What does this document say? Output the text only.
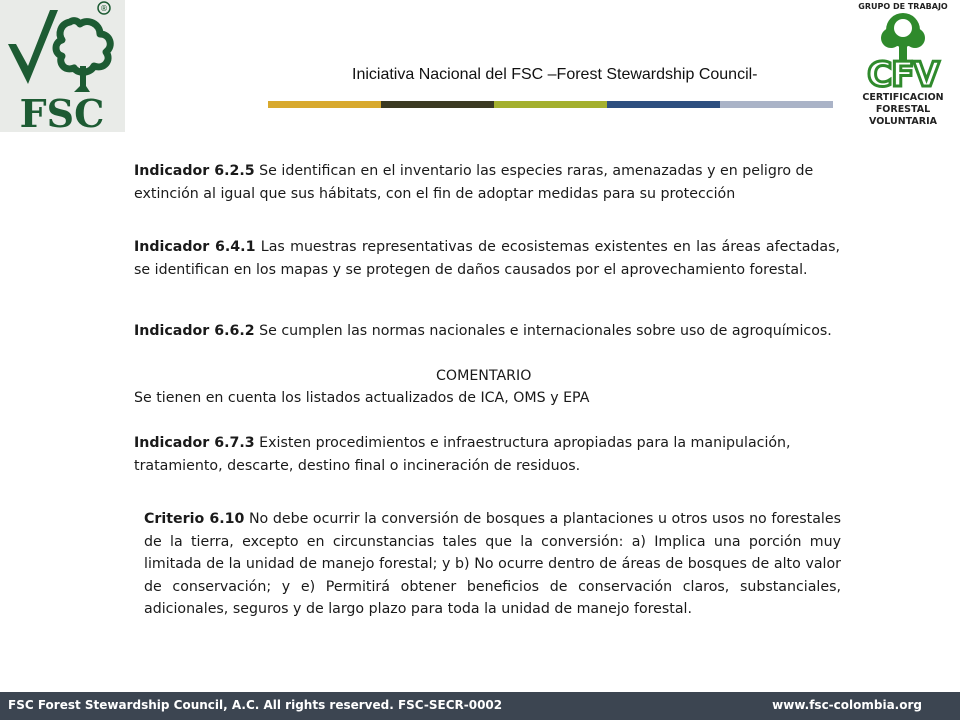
®
FSC
GRUPO DE TRABAJO
CFV
CERTIFICACION
FORESTAL
VOLUNTARIA
Iniciativa Nacional del FSC –Forest Stewardship Council-
Indicador 6.2.5 Se identifican en el inventario las especies raras, amenazadas y en peligro de extinción al igual que sus hábitats, con el fin de adoptar medidas para su protección
Indicador 6.4.1 Las muestras representativas de ecosistemas existentes en las áreas afectadas, se identifican en los mapas y se protegen de daños causados por el aprovechamiento forestal.
Indicador 6.6.2 Se cumplen las normas nacionales e internacionales sobre uso de agroquímicos.
COMENTARIO
Se tienen en cuenta los listados actualizados de ICA, OMS y EPA
Indicador 6.7.3 Existen procedimientos e infraestructura apropiadas para la manipulación, tratamiento, descarte, destino final o incineración de residuos.
Criterio 6.10 No debe ocurrir la conversión de bosques a plantaciones u otros usos no forestales de la tierra, excepto en circunstancias tales que la conversión: a) Implica una porción muy limitada de la unidad de manejo forestal; y b) No ocurre dentro de áreas de bosques de alto valor de conservación; y e) Permitirá obtener beneficios de conservación claros, substanciales, adicionales, seguros y de largo plazo para toda la unidad de manejo forestal.
FSC Forest Stewardship Council, A.C. All rights reserved. FSC-SECR-0002	www.fsc-colombia.org
